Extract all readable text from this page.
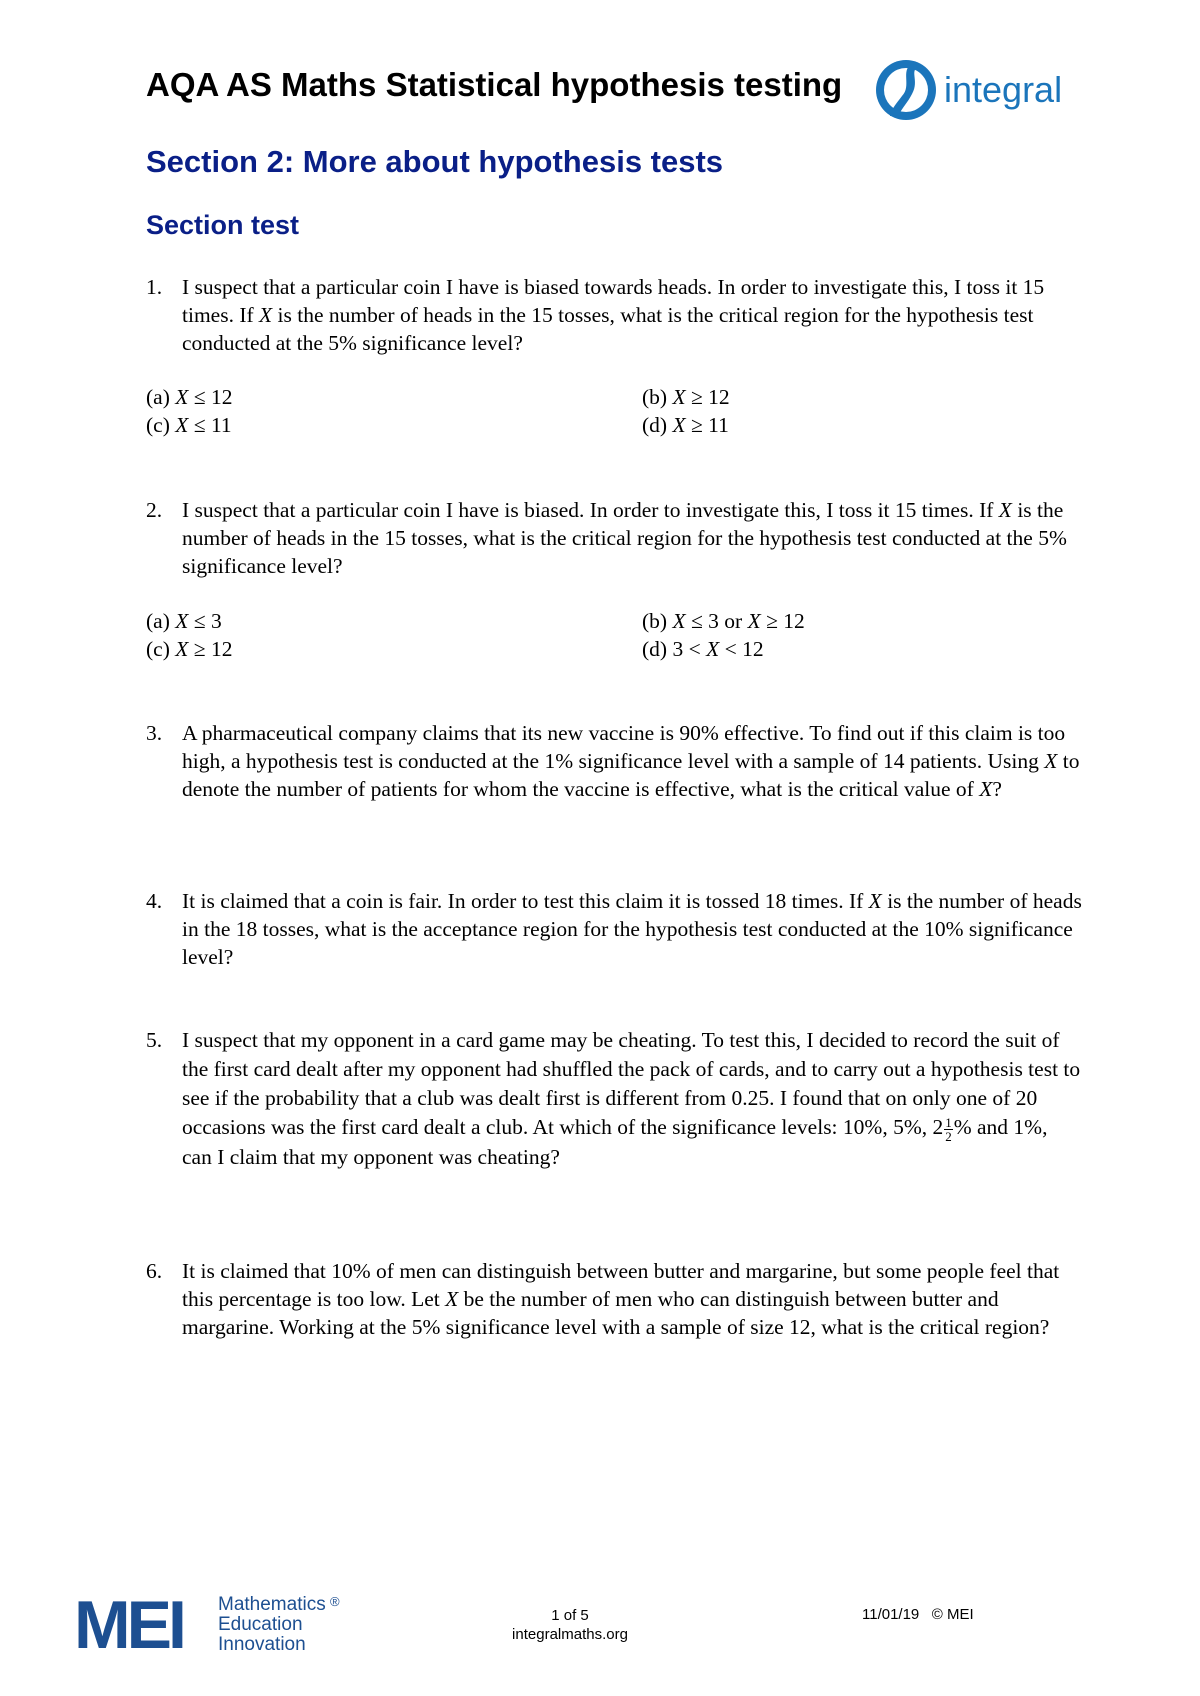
AQA AS Maths Statistical hypothesis testing	integral
Section 2: More about hypothesis tests
Section test
1. I suspect that a particular coin I have is biased towards heads. In order to investigate this, I toss it 15 times. If X is the number of heads in the 15 tosses, what is the critical region for the hypothesis test conducted at the 5% significance level?

(a) X ≤ 12	(b) X ≥ 12
(c) X ≤ 11	(d) X ≥ 11
2. I suspect that a particular coin I have is biased. In order to investigate this, I toss it 15 times. If X is the number of heads in the 15 tosses, what is the critical region for the hypothesis test conducted at the 5% significance level?

(a) X ≤ 3	(b) X ≤ 3 or X ≥ 12
(c) X ≥ 12	(d) 3 < X < 12
3. A pharmaceutical company claims that its new vaccine is 90% effective. To find out if this claim is too high, a hypothesis test is conducted at the 1% significance level with a sample of 14 patients. Using X to denote the number of patients for whom the vaccine is effective, what is the critical value of X?

4. It is claimed that a coin is fair. In order to test this claim it is tossed 18 times. If X is the number of heads in the 18 tosses, what is the acceptance region for the hypothesis test conducted at the 10% significance level?

5. I suspect that my opponent in a card game may be cheating. To test this, I decided to record the suit of the first card dealt after my opponent had shuffled the pack of cards, and to carry out a hypothesis test to see if the probability that a club was dealt first is different from 0.25. I found that on only one of 20 occasions was the first card dealt a club. At which of the significance levels: 10%, 5%, $2 \frac{1}{2}$ % and 1%, can I claim that my opponent was cheating?

6. It is claimed that 10% of men can distinguish between butter and margarine, but some people feel that this percentage is too low. Let X be the number of men who can distinguish between butter and margarine. Working at the 5% significance level with a sample of size 12, what is the critical region?

MEI Mathematics ®
Education
Innovation
1 of 5
integralmaths.org
11/01/19 © MEI
